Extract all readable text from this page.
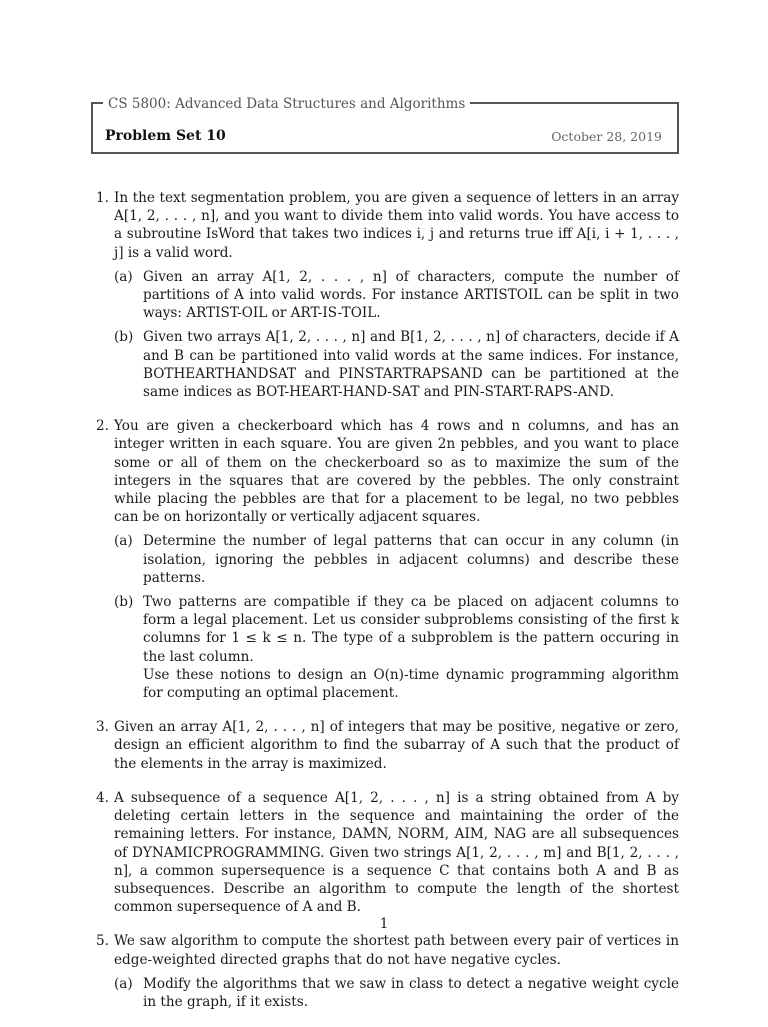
CS 5800: Advanced Data Structures and Algorithms
Problem Set 10	October 28, 2019
1. In the text segmentation problem, you are given a sequence of letters in an array A[1, 2, . . . , n], and you want to divide them into valid words. You have access to a subroutine IsWord that takes two indices i, j and returns true iff A[i, i + 1, . . . , j] is a valid word.
(a) Given an array A[1, 2, . . . , n] of characters, compute the number of partitions of A into valid words. For instance ARTISTOIL can be split in two ways: ARTIST-OIL or ART-IS-TOIL.
(b) Given two arrays A[1, 2, . . . , n] and B[1, 2, . . . , n] of characters, decide if A and B can be partitioned into valid words at the same indices. For instance, BOTHEARTHANDSAT and PINSTARTRAPSAND can be partitioned at the same indices as BOT-HEART-HAND-SAT and PIN-START-RAPS-AND.
2. You are given a checkerboard which has 4 rows and n columns, and has an integer written in each square. You are given 2n pebbles, and you want to place some or all of them on the checkerboard so as to maximize the sum of the integers in the squares that are covered by the pebbles. The only constraint while placing the pebbles are that for a placement to be legal, no two pebbles can be on horizontally or vertically adjacent squares.
(a) Determine the number of legal patterns that can occur in any column (in isolation, ignoring the pebbles in adjacent columns) and describe these patterns.
(b) Two patterns are compatible if they ca be placed on adjacent columns to form a legal placement. Let us consider subproblems consisting of the first k columns for 1 ≤ k ≤ n. The type of a subproblem is the pattern occuring in the last column.
Use these notions to design an O(n)-time dynamic programming algorithm for computing an optimal placement.
3. Given an array A[1, 2, . . . , n] of integers that may be positive, negative or zero, design an efficient algorithm to find the subarray of A such that the product of the elements in the array is maximized.
4. A subsequence of a sequence A[1, 2, . . . , n] is a string obtained from A by deleting certain letters in the sequence and maintaining the order of the remaining letters. For instance, DAMN, NORM, AIM, NAG are all subsequences of DYNAMICPROGRAMMING. Given two strings A[1, 2, . . . , m] and B[1, 2, . . . , n], a common supersequence is a sequence C that contains both A and B as subsequences. Describe an algorithm to compute the length of the shortest common supersequence of A and B.
5. We saw algorithm to compute the shortest path between every pair of vertices in edge-weighted directed graphs that do not have negative cycles.
(a) Modify the algorithms that we saw in class to detect a negative weight cycle in the graph, if it exists.
1
